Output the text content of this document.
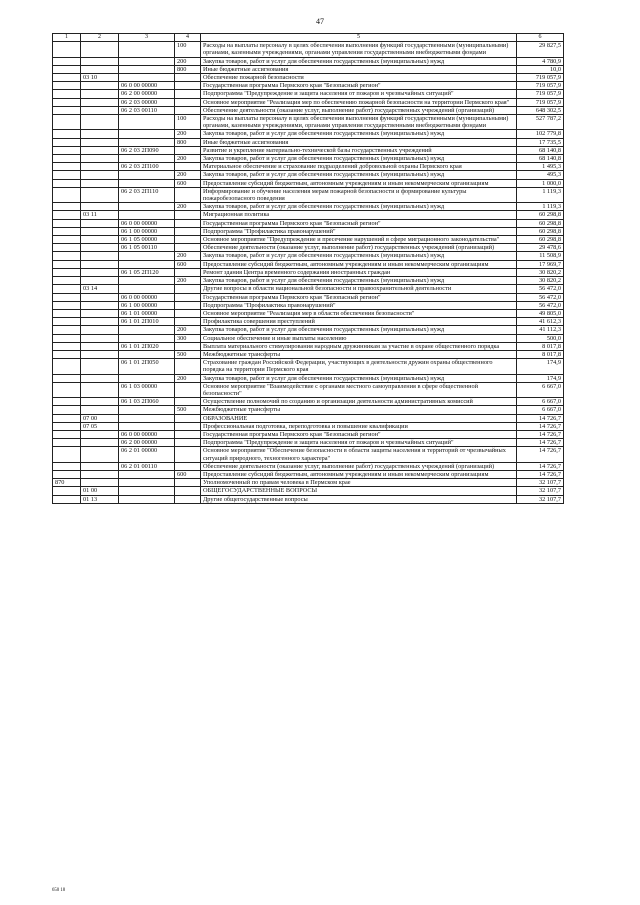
47
1	2	3	4	5	6
			100	Расходы на выплаты персоналу в целях обеспечения выполнения функций государственными (муниципальными) органами, казенными учреждениями, органами управления государственными внебюджетными фондами	29 827,5
			200	Закупка товаров, работ и услуг для обеспечения государственных (муниципальных) нужд	4 780,9
			800	Иные бюджетные ассигнования	10,0
	03 10			Обеспечение пожарной безопасности	719 057,9
		06 0 00 00000		Государственная программа Пермского края "Безопасный регион"	719 057,9
		06 2 00 00000		Подпрограмма "Предупреждение и защита населения от пожаров и чрезвычайных ситуаций"	719 057,9
		06 2 03 00000		Основное мероприятие "Реализация мер по обеспечению пожарной безопасности на территории Пермского края"	719 057,9
		06 2 03 00110		Обеспечение деятельности (оказание услуг, выполнение работ) государственных учреждений (организаций)	648 302,5
			100	Расходы на выплаты персоналу в целях обеспечения выполнения функций государственными (муниципальными) органами, казенными учреждениями, органами управления государственными внебюджетными фондами	527 787,2
			200	Закупка товаров, работ и услуг для обеспечения государственных (муниципальных) нужд	102 779,8
			800	Иные бюджетные ассигнования	17 735,5
		06 2 03 2П090		Развитие и укрепление материально-технической базы государственных учреждений	68 140,8
			200	Закупка товаров, работ и услуг для обеспечения государственных (муниципальных) нужд	68 140,8
		06 2 03 2П100		Материальное обеспечение и страхование подразделений добровольной охраны Пермского края	1 495,3
			200	Закупка товаров, работ и услуг для обеспечения государственных (муниципальных) нужд	495,3
			600	Предоставление субсидий бюджетным, автономным учреждениям и иным некоммерческим организациям	1 000,0
		06 2 03 2П110		Информирование и обучение населения мерам пожарной безопасности и формирование культуры пожаробезопасного поведения	1 119,3
			200	Закупка товаров, работ и услуг для обеспечения государственных (муниципальных) нужд	1 119,3
	03 11			Миграционная политика	60 298,8
		06 0 00 00000		Государственная программа Пермского края "Безопасный регион"	60 298,8
		06 1 00 00000		Подпрограмма "Профилактика правонарушений"	60 298,8
		06 1 05 00000		Основное мероприятие "Предупреждение и пресечение нарушений в сфере миграционного законодательства"	60 298,8
		06 1 05 00110		Обеспечение деятельности (оказание услуг, выполнение работ) государственных учреждений (организаций)	29 478,6
			200	Закупка товаров, работ и услуг для обеспечения государственных (муниципальных) нужд	11 508,9
			600	Предоставление субсидий бюджетным, автономным учреждениям и иным некоммерческим организациям	17 969,7
		06 1 05 2П120		Ремонт здания Центра временного содержания иностранных граждан	30 820,2
			200	Закупка товаров, работ и услуг для обеспечения государственных (муниципальных) нужд	30 820,2
	03 14			Другие вопросы в области национальной безопасности и правоохранительной деятельности	56 472,0
		06 0 00 00000		Государственная программа Пермского края "Безопасный регион"	56 472,0
		06 1 00 00000		Подпрограмма "Профилактика правонарушений"	56 472,0
		06 1 01 00000		Основное мероприятие "Реализация мер в области обеспечения безопасности"	49 805,0
		06 1 01 2П010		Профилактика совершения преступлений	41 612,3
			200	Закупка товаров, работ и услуг для обеспечения государственных (муниципальных) нужд	41 112,3
			300	Социальное обеспечение и иные выплаты населению	500,0
		06 1 01 2П020		Выплата материального стимулирования народным дружинникам за участие в охране общественного порядка	8 017,8
			500	Межбюджетные трансферты	8 017,8
		06 1 01 2П050		Страхование граждан Российской Федерации, участвующих в деятельности дружин охраны общественного порядка на территории Пермского края	174,9
			200	Закупка товаров, работ и услуг для обеспечения государственных (муниципальных) нужд	174,9
		06 1 03 00000		Основное мероприятие "Взаимодействие с органами местного самоуправления в сфере общественной безопасности"	6 667,0
		06 1 03 2П060		Осуществление полномочий по созданию и организации деятельности административных комиссий	6 667,0
			500	Межбюджетные трансферты	6 667,0
	07 00			ОБРАЗОВАНИЕ	14 726,7
	07 05			Профессиональная подготовка, переподготовка и повышение квалификации	14 726,7
		06 0 00 00000		Государственная программа Пермского края "Безопасный регион"	14 726,7
		06 2 00 00000		Подпрограмма "Предупреждение и защита населения от пожаров и чрезвычайных ситуаций"	14 726,7
		06 2 01 00000		Основное мероприятие "Обеспечение безопасности в области защиты населения и территорий от чрезвычайных ситуаций природного, техногенного характера"	14 726,7
		06 2 01 00110		Обеспечение деятельности (оказание услуг, выполнение работ) государственных учреждений (организаций)	14 726,7
			600	Предоставление субсидий бюджетным, автономным учреждениям и иным некоммерческим организациям	14 726,7
870				Уполномоченный по правам человека в Пермском крае	32 107,7
	01 00			ОБЩЕГОСУДАРСТВЕННЫЕ ВОПРОСЫ	32 107,7
	01 13			Другие общегосударственные вопросы	32 107,7
650 18
